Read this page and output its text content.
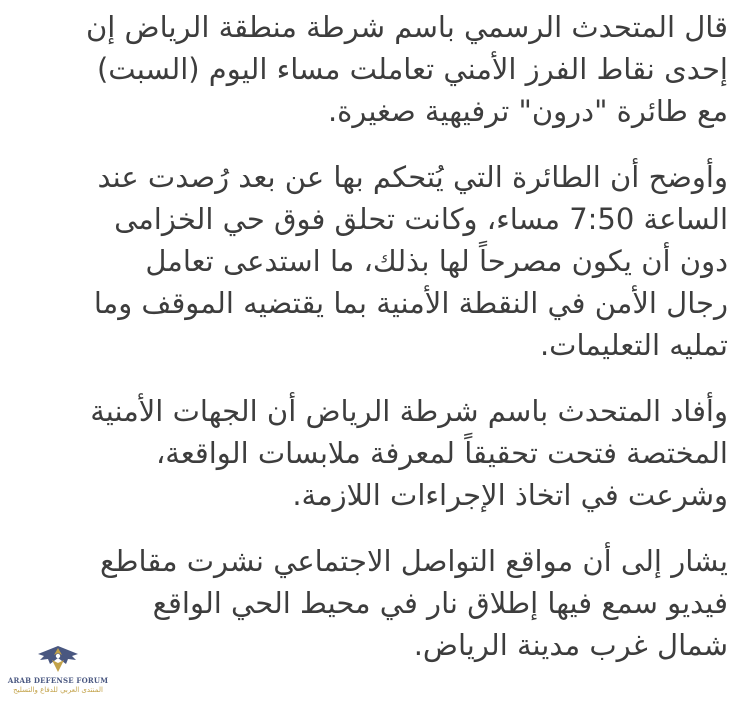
قال المتحدث الرسمي باسم شرطة منطقة الرياض إن
إحدى نقاط الفرز الأمني تعاملت مساء اليوم (السبت)
مع طائرة "درون" ترفيهية صغيرة.
وأوضح أن الطائرة التي يُتحكم بها عن بعد رُصدت عند
الساعة 7:50 مساء، وكانت تحلق فوق حي الخزامى
دون أن يكون مصرحاً لها بذلك، ما استدعى تعامل
رجال الأمن في النقطة الأمنية بما يقتضيه الموقف وما
تمليه التعليمات.
وأفاد المتحدث باسم شرطة الرياض أن الجهات الأمنية
المختصة فتحت تحقيقاً لمعرفة ملابسات الواقعة،
وشرعت في اتخاذ الإجراءات اللازمة.
يشار إلى أن مواقع التواصل الاجتماعي نشرت مقاطع
فيديو سمع فيها إطلاق نار في محيط الحي الواقع
شمال غرب مدينة الرياض.
ARAB DEFENSE FORUM
المنتدى العربي للدفاع والتسليح
